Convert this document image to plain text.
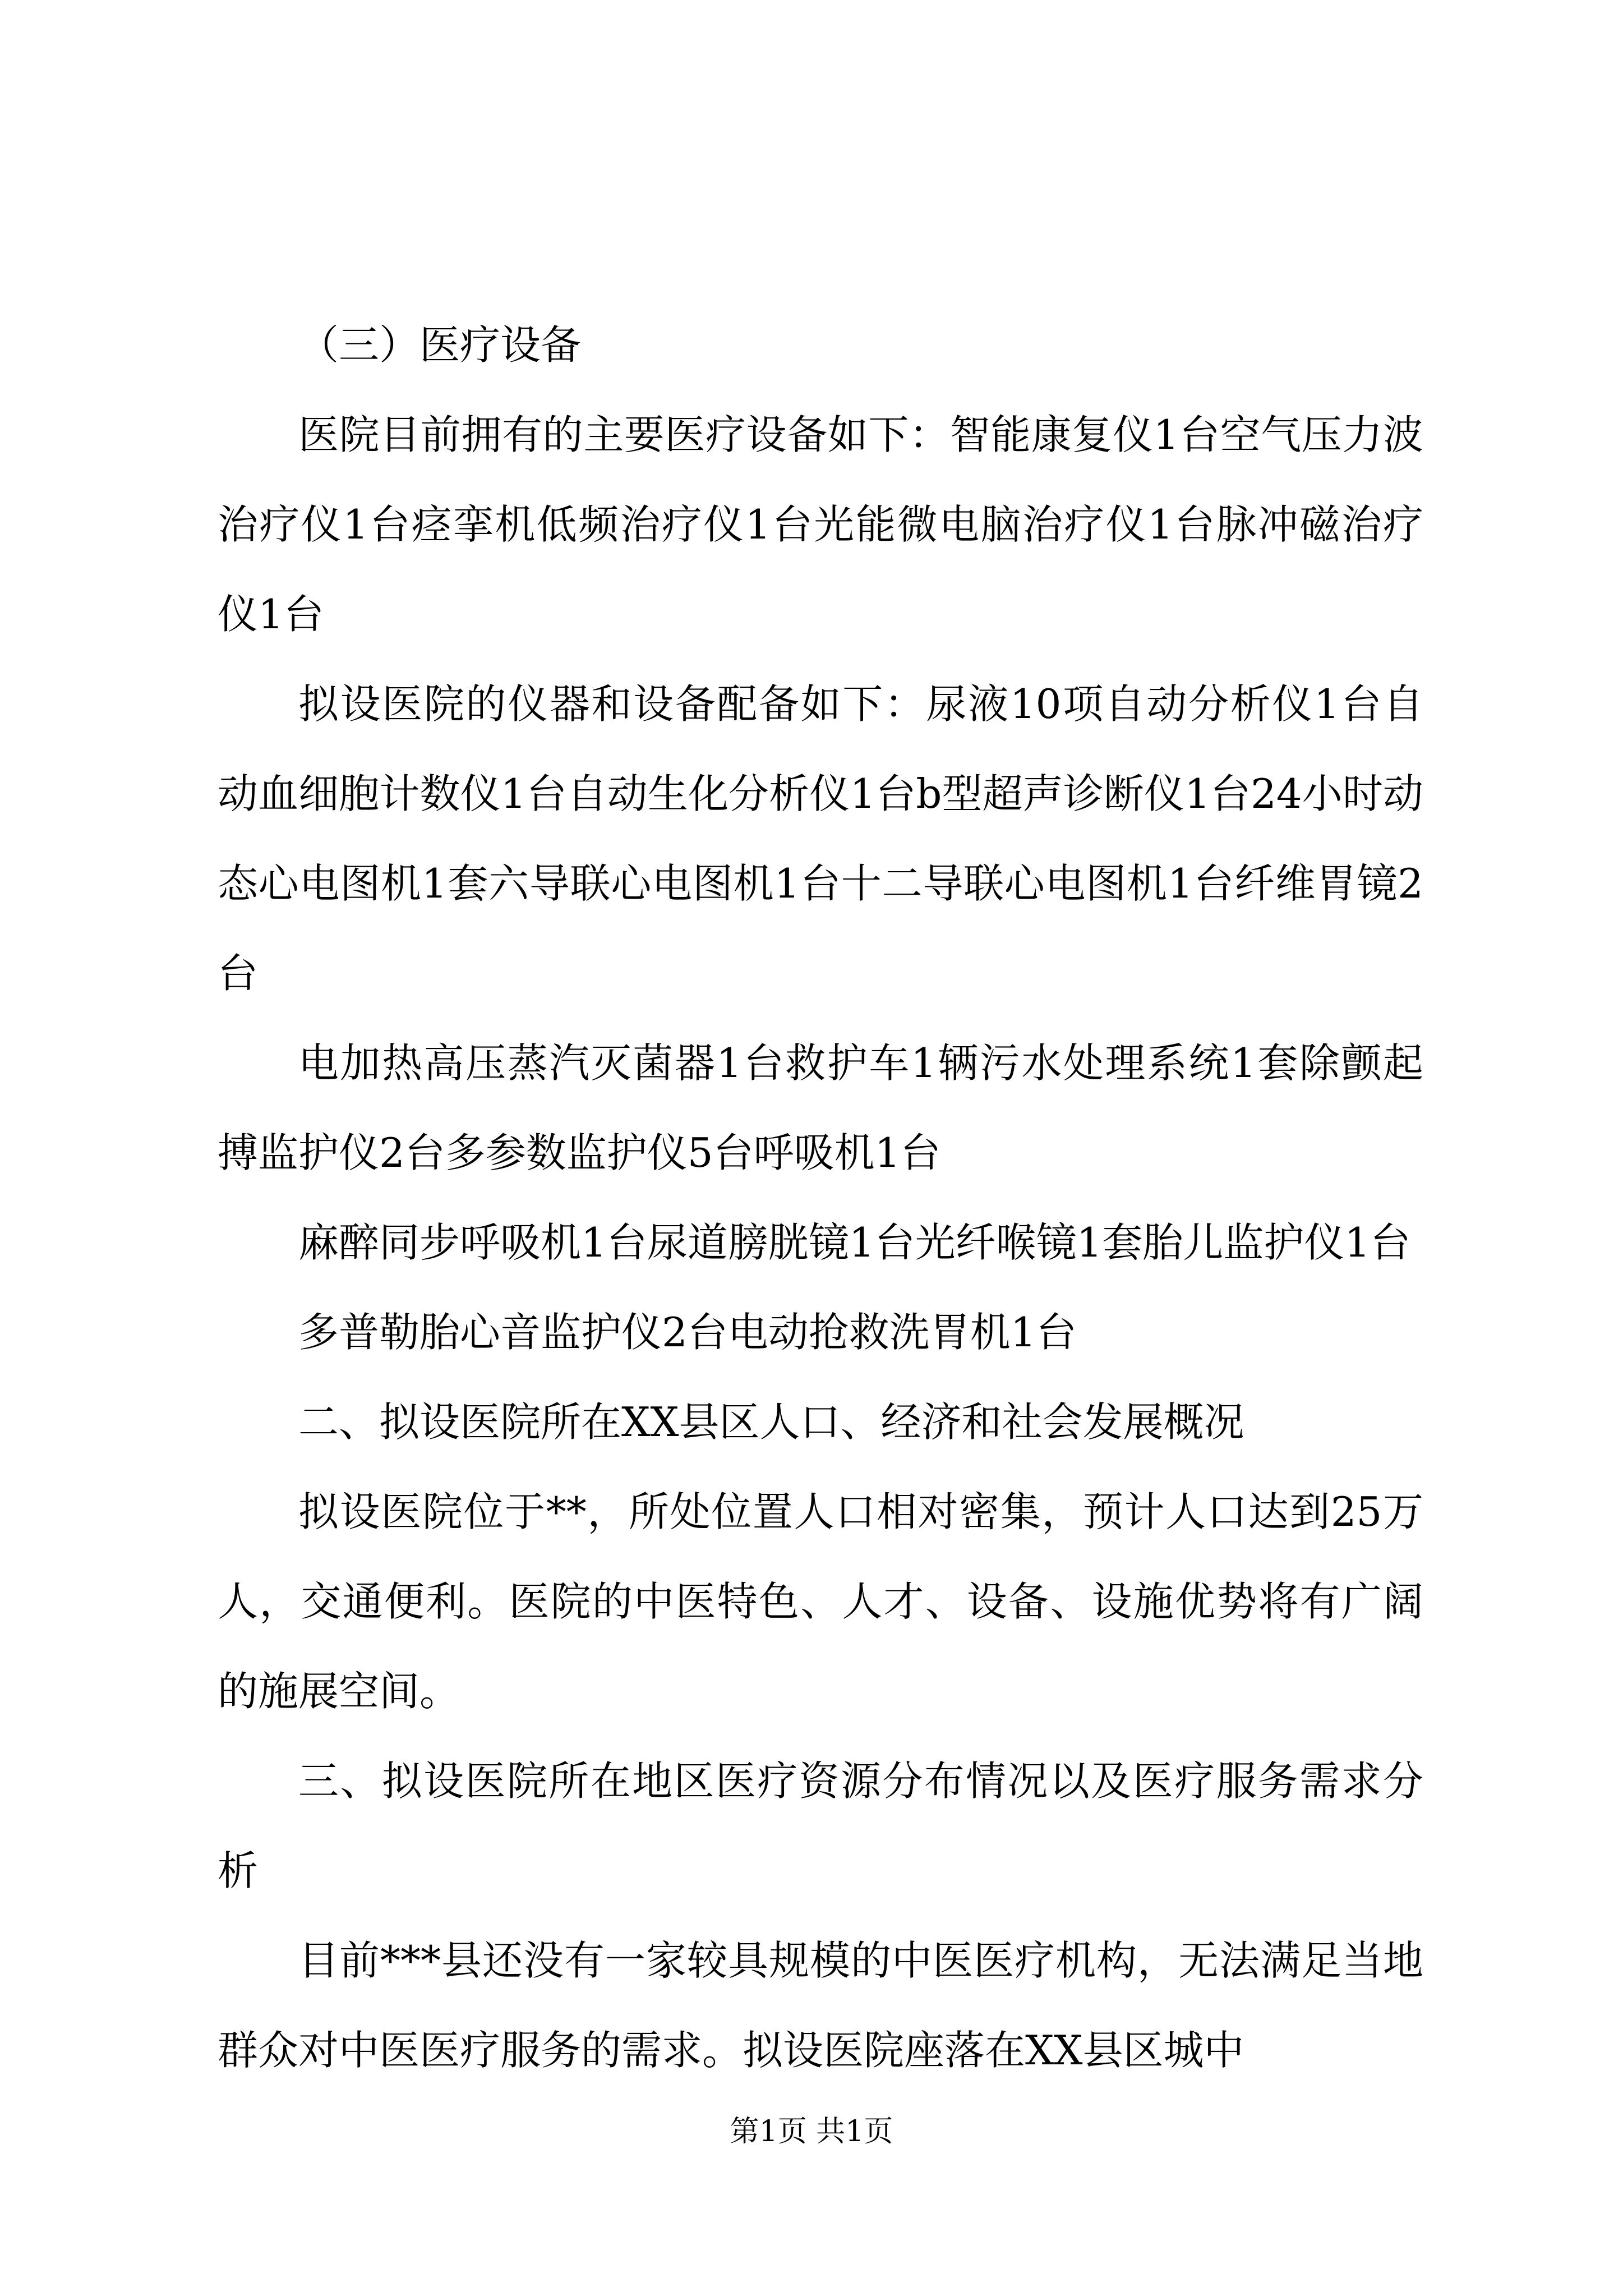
（三）医疗设备

医院目前拥有的主要医疗设备如下：智能康复仪1台空气压力波治疗仪1台痉挛机低频治疗仪1台光能微电脑治疗仪1台脉冲磁治疗仪1台

拟设医院的仪器和设备配备如下：尿液10项自动分析仪1台自动血细胞计数仪1台自动生化分析仪1台b型超声诊断仪1台24小时动态心电图机1套六导联心电图机1台十二导联心电图机1台纤维胃镜2台

电加热高压蒸汽灭菌器1台救护车1辆污水处理系统1套除颤起搏监护仪2台多参数监护仪5台呼吸机1台

麻醉同步呼吸机1台尿道膀胱镜1台光纤喉镜1套胎儿监护仪1台

多普勒胎心音监护仪2台电动抢救洗胃机1台

二、拟设医院所在XX县区人口、经济和社会发展概况

拟设医院位于**，所处位置人口相对密集，预计人口达到25万人，交通便利。医院的中医特色、人才、设备、设施优势将有广阔的施展空间。

三、拟设医院所在地区医疗资源分布情况以及医疗服务需求分析

目前***县还没有一家较具规模的中医医疗机构，无法满足当地群众对中医医疗服务的需求。拟设医院座落在XX县区城中

第1页 共1页
